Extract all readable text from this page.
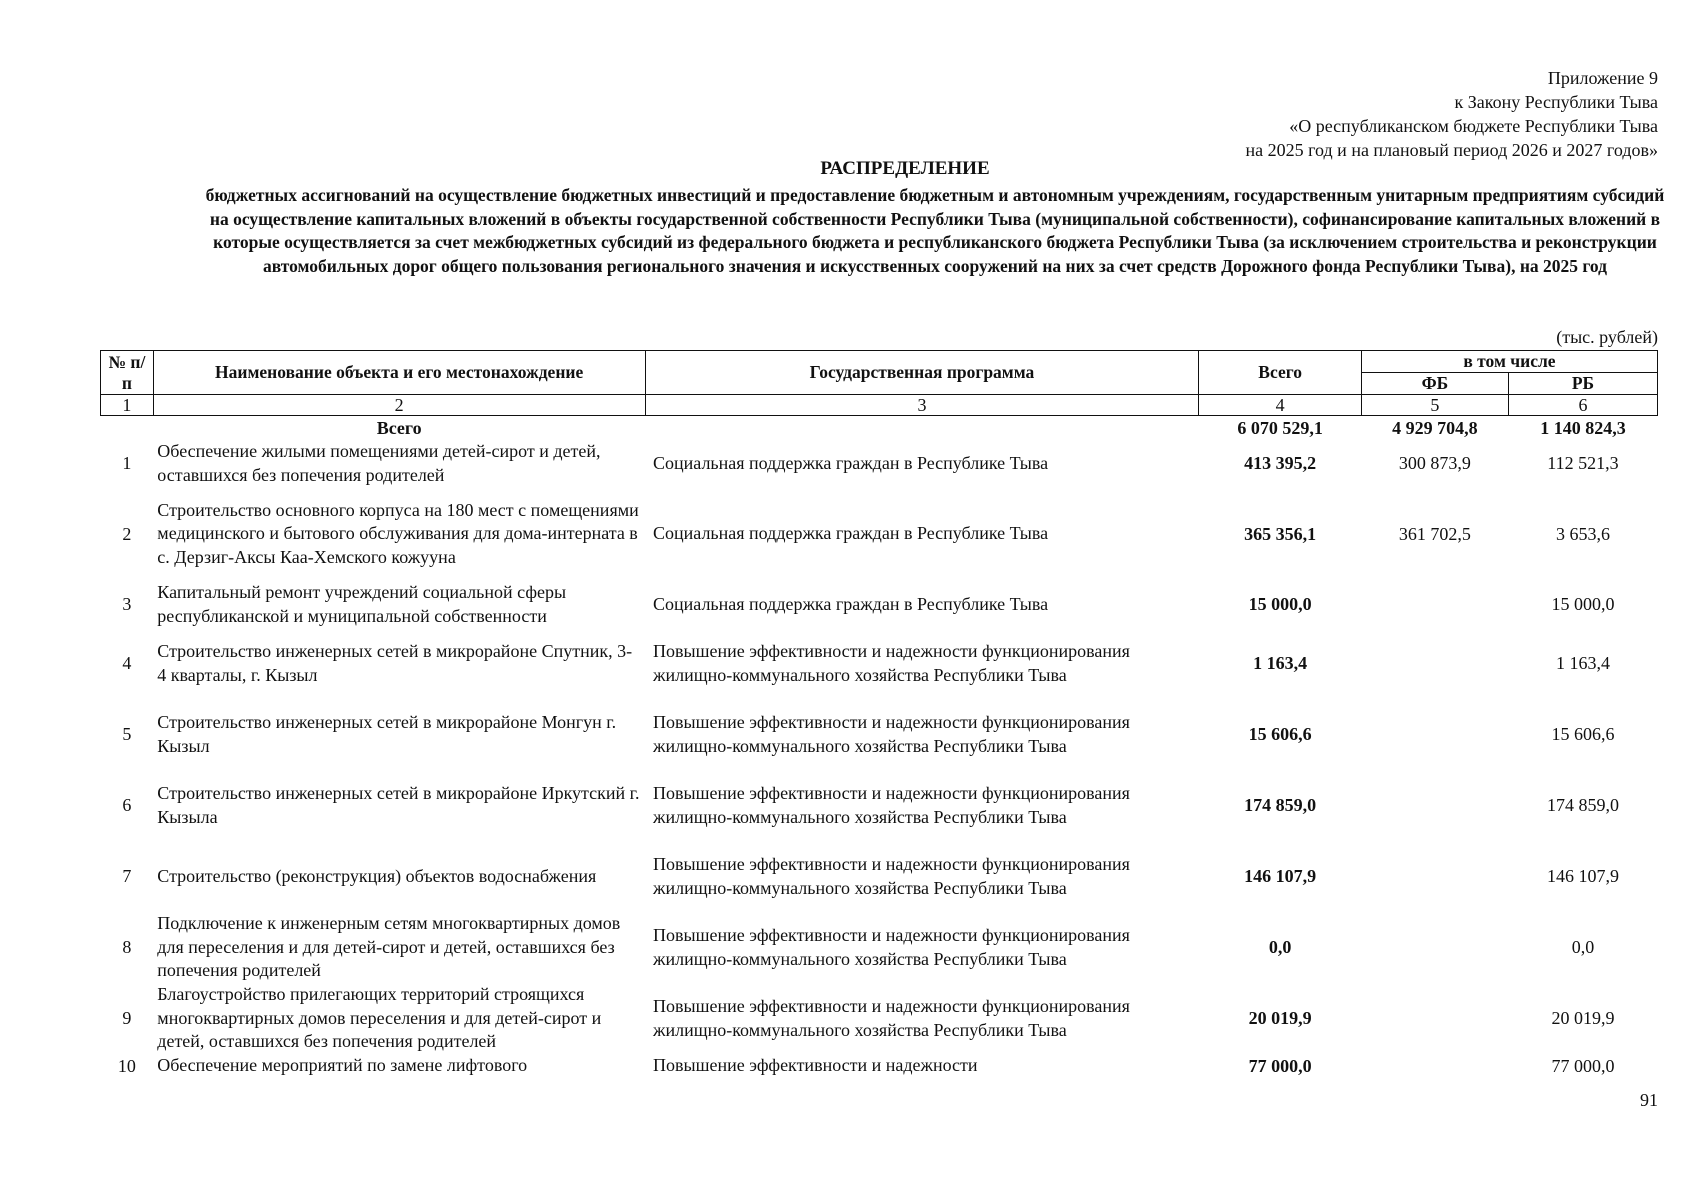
Приложение 9
к Закону Республики Тыва
«О республиканском бюджете Республики Тыва
на 2025 год и на плановый период 2026 и 2027 годов»
РАСПРЕДЕЛЕНИЕ
бюджетных ассигнований на осуществление бюджетных инвестиций и предоставление бюджетным и автономным учреждениям, государственным унитарным предприятиям субсидий на осуществление капитальных вложений в объекты государственной собственности Республики Тыва (муниципальной собственности), софинансирование капитальных вложений в которые осуществляется за счет межбюджетных субсидий из федерального бюджета и республиканского бюджета Республики Тыва (за исключением строительства и реконструкции автомобильных дорог общего пользования регионального значения и искусственных сооружений на них за счет средств Дорожного фонда Республики Тыва), на 2025 год
(тыс. рублей)
№ п/п	Наименование объекта и его местонахождение	Государственная программа	Всего	в том числе	
				ФБ	РБ
1	2	3	4	5	6
	Всего		6 070 529,1	4 929 704,8	1 140 824,3
1	Обеспечение жилыми помещениями детей-сирот и детей, оставшихся без попечения родителей	Социальная поддержка граждан в Республике Тыва	413 395,2	300 873,9	112 521,3
2	Строительство основного корпуса на 180 мест с помещениями медицинского и бытового обслуживания для дома-интерната в с. Дерзиг-Аксы Каа-Хемского кожууна	Социальная поддержка граждан в Республике Тыва	365 356,1	361 702,5	3 653,6
3	Капитальный ремонт учреждений социальной сферы республиканской и муниципальной собственности	Социальная поддержка граждан в Республике Тыва	15 000,0		15 000,0
4	Строительство инженерных сетей в микрорайоне Спутник, 3-4 кварталы, г. Кызыл	Повышение эффективности и надежности функционирования жилищно-коммунального хозяйства Республики Тыва	1 163,4		1 163,4
5	Строительство инженерных сетей в микрорайоне Монгун г. Кызыл	Повышение эффективности и надежности функционирования жилищно-коммунального хозяйства Республики Тыва	15 606,6		15 606,6
6	Строительство инженерных сетей в микрорайоне Иркутский г. Кызыла	Повышение эффективности и надежности функционирования жилищно-коммунального хозяйства Республики Тыва	174 859,0		174 859,0
7	Строительство (реконструкция) объектов водоснабжения	Повышение эффективности и надежности функционирования жилищно-коммунального хозяйства Республики Тыва	146 107,9		146 107,9
8	Подключение к инженерным сетям многоквартирных домов для переселения и для детей-сирот и детей, оставшихся без попечения родителей	Повышение эффективности и надежности функционирования жилищно-коммунального хозяйства Республики Тыва	0,0		0,0
9	Благоустройство прилегающих территорий строящихся многоквартирных домов переселения и для детей-сирот и детей, оставшихся без попечения родителей	Повышение эффективности и надежности функционирования жилищно-коммунального хозяйства Республики Тыва	20 019,9		20 019,9
10	Обеспечение мероприятий по замене лифтового	Повышение эффективности и надежности	77 000,0		77 000,0
91
